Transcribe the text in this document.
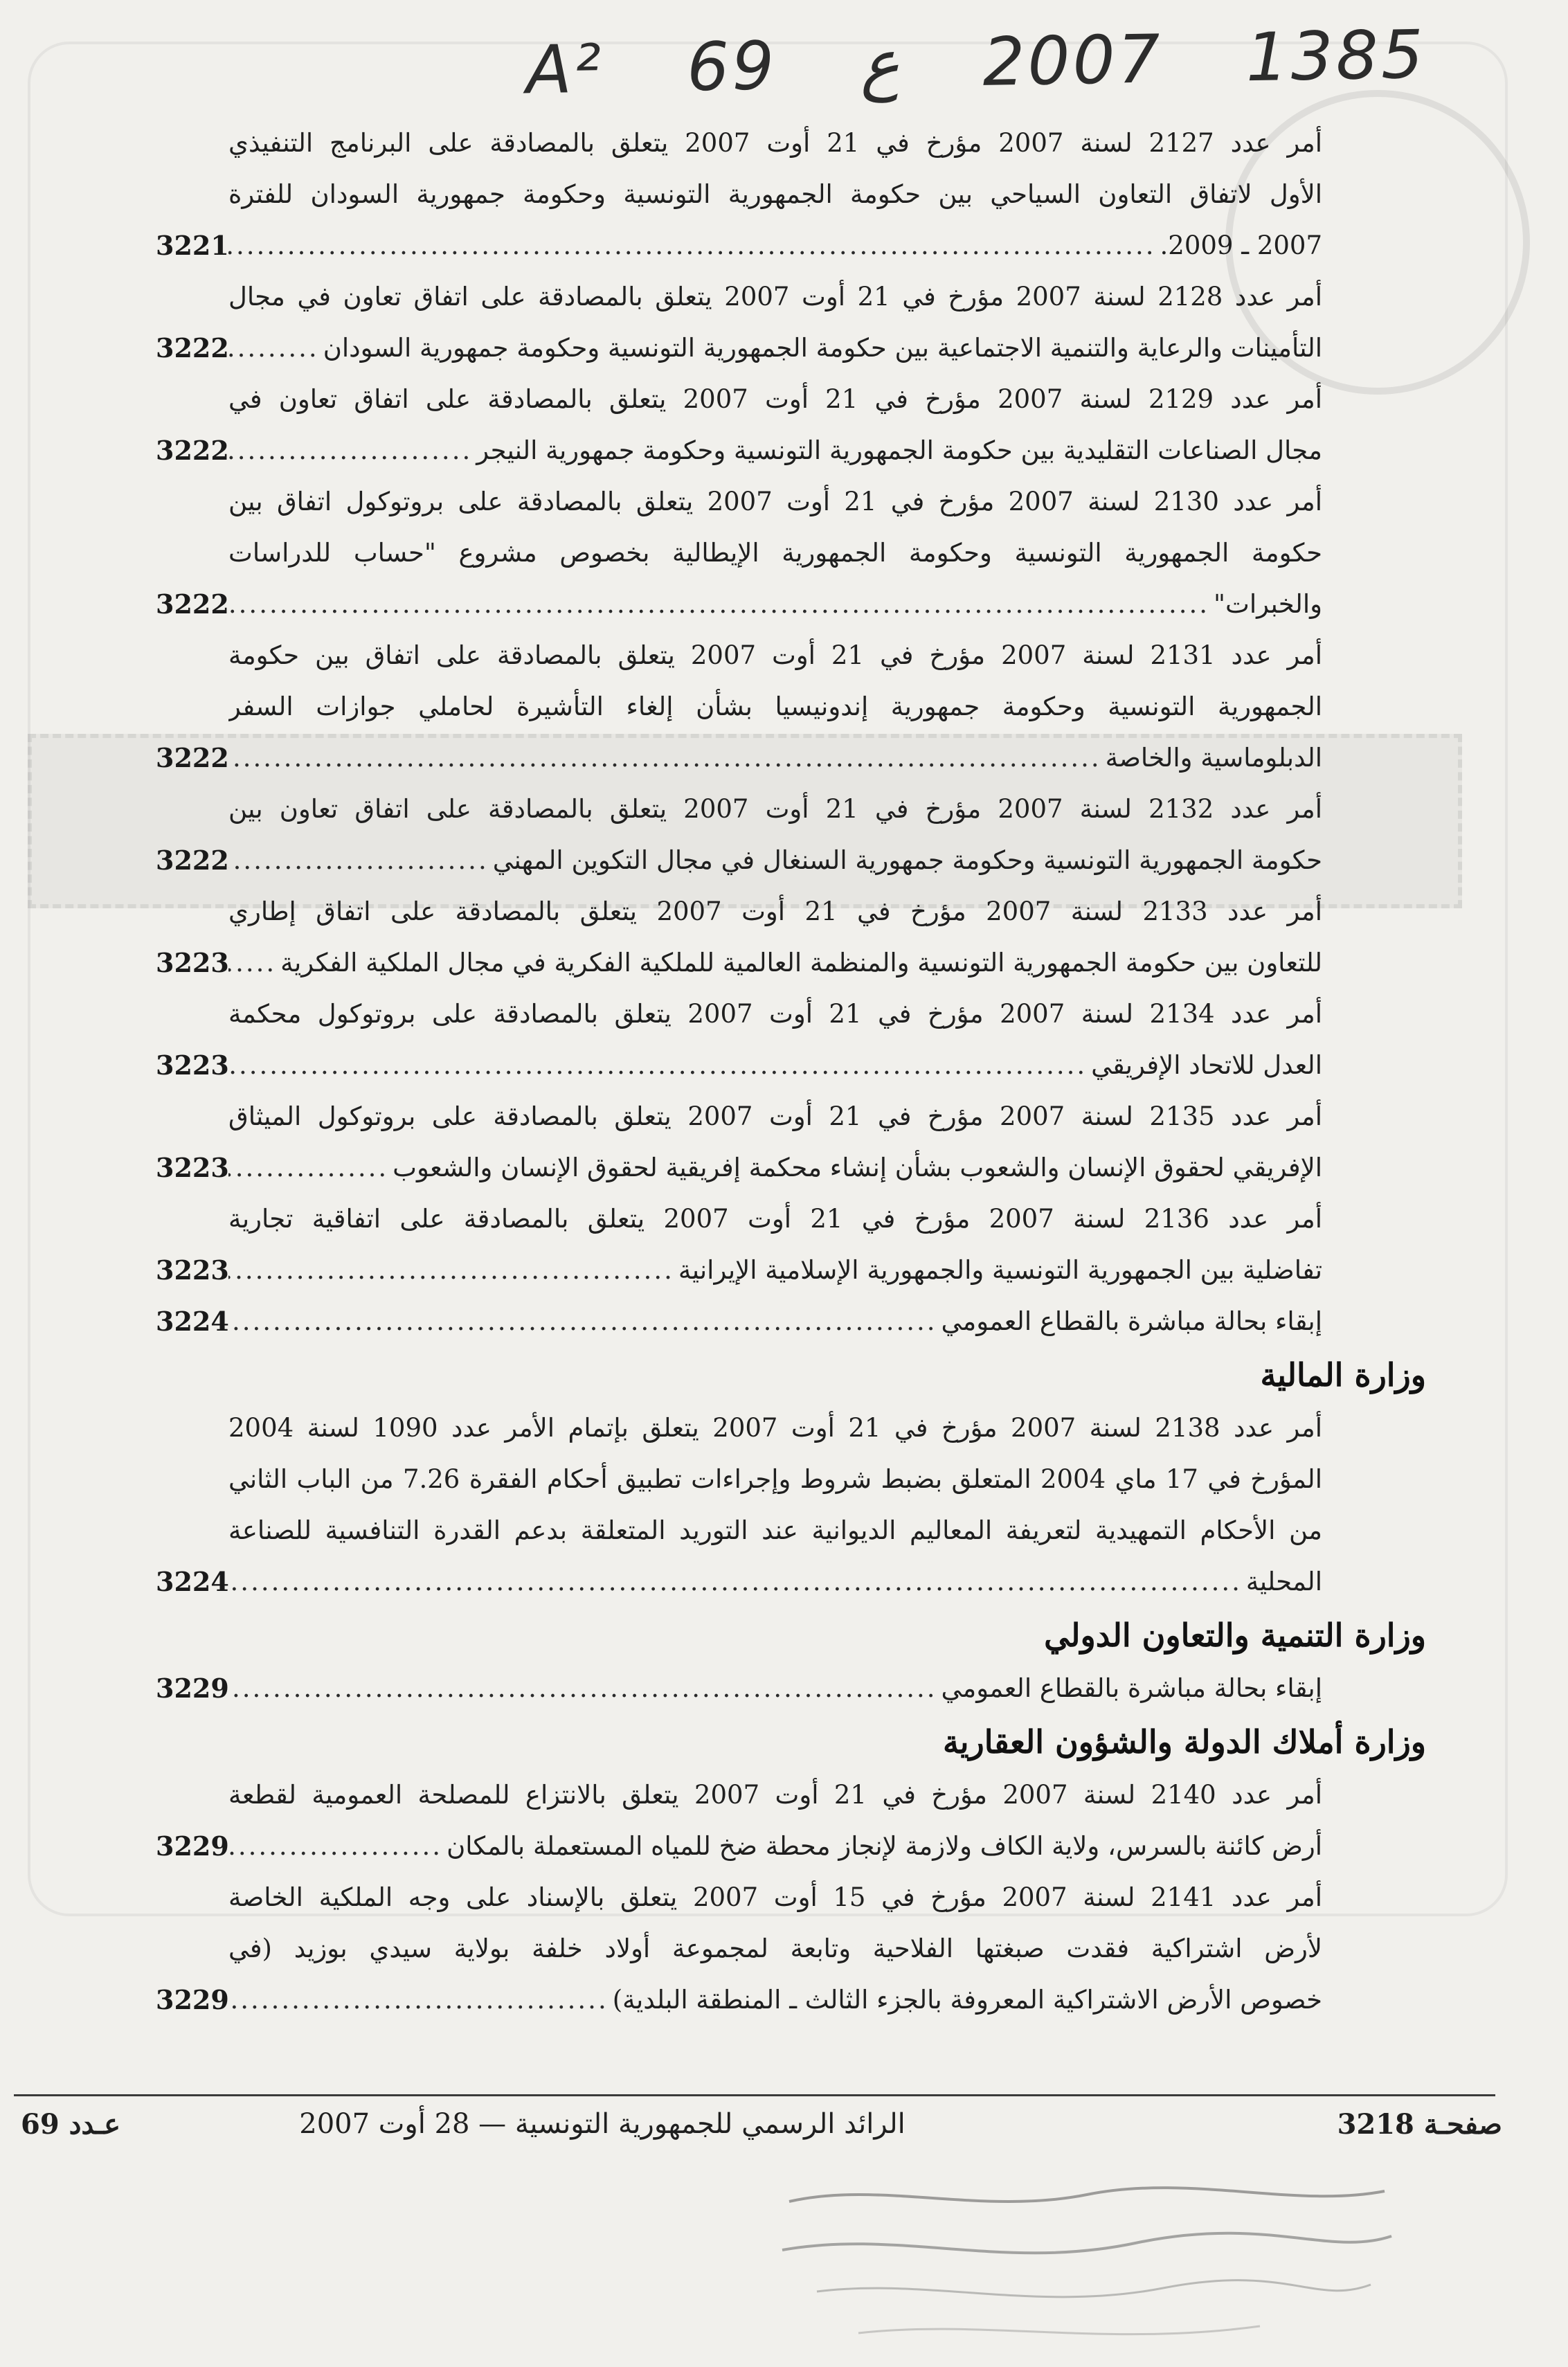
A² 69 ع 2007 1385
أمر عدد 2127 لسنة 2007 مؤرخ في 21 أوت 2007 يتعلق بالمصادقة على البرنامج التنفيذي
الأول لاتفاق التعاون السياحي بين حكومة الجمهورية التونسية وحكومة جمهورية السودان للفترة
2007 ـ 2009.
.....
3221
أمر عدد 2128 لسنة 2007 مؤرخ في 21 أوت 2007 يتعلق بالمصادقة على اتفاق تعاون في مجال
التأمينات والرعاية والتنمية الاجتماعية بين حكومة الجمهورية التونسية وحكومة جمهورية السودان
.....
3222
أمر عدد 2129 لسنة 2007 مؤرخ في 21 أوت 2007 يتعلق بالمصادقة على اتفاق تعاون في
مجال الصناعات التقليدية بين حكومة الجمهورية التونسية وحكومة جمهورية النيجر
.....
3222
أمر عدد 2130 لسنة 2007 مؤرخ في 21 أوت 2007 يتعلق بالمصادقة على بروتوكول اتفاق بين
حكومة الجمهورية التونسية وحكومة الجمهورية الإيطالية بخصوص مشروع "حساب للدراسات
والخبرات"
.....
3222
أمر عدد 2131 لسنة 2007 مؤرخ في 21 أوت 2007 يتعلق بالمصادقة على اتفاق بين حكومة
الجمهورية التونسية وحكومة جمهورية إندونيسيا بشأن إلغاء التأشيرة لحاملي جوازات السفر
الدبلوماسية والخاصة
.....
3222
أمر عدد 2132 لسنة 2007 مؤرخ في 21 أوت 2007 يتعلق بالمصادقة على اتفاق تعاون بين
حكومة الجمهورية التونسية وحكومة جمهورية السنغال في مجال التكوين المهني
.....
3222
أمر عدد 2133 لسنة 2007 مؤرخ في 21 أوت 2007 يتعلق بالمصادقة على اتفاق إطاري
للتعاون بين حكومة الجمهورية التونسية والمنظمة العالمية للملكية الفكرية في مجال الملكية الفكرية
.....
3223
أمر عدد 2134 لسنة 2007 مؤرخ في 21 أوت 2007 يتعلق بالمصادقة على بروتوكول محكمة
العدل للاتحاد الإفريقي
.....
3223
أمر عدد 2135 لسنة 2007 مؤرخ في 21 أوت 2007 يتعلق بالمصادقة على بروتوكول الميثاق
الإفريقي لحقوق الإنسان والشعوب بشأن إنشاء محكمة إفريقية لحقوق الإنسان والشعوب
.....
3223
أمر عدد 2136 لسنة 2007 مؤرخ في 21 أوت 2007 يتعلق بالمصادقة على اتفاقية تجارية
تفاضلية بين الجمهورية التونسية والجمهورية الإسلامية الإيرانية
.....
3223
إبقاء بحالة مباشرة بالقطاع العمومي
.....
3224
وزارة المالية
أمر عدد 2138 لسنة 2007 مؤرخ في 21 أوت 2007 يتعلق بإتمام الأمر عدد 1090 لسنة 2004
المؤرخ في 17 ماي 2004 المتعلق بضبط شروط وإجراءات تطبيق أحكام الفقرة 7.26 من الباب الثاني
من الأحكام التمهيدية لتعريفة المعاليم الديوانية عند التوريد المتعلقة بدعم القدرة التنافسية للصناعة
المحلية
.....
3224
وزارة التنمية والتعاون الدولي
إبقاء بحالة مباشرة بالقطاع العمومي
.....
3229
وزارة أملاك الدولة والشؤون العقارية
أمر عدد 2140 لسنة 2007 مؤرخ في 21 أوت 2007 يتعلق بالانتزاع للمصلحة العمومية لقطعة
أرض كائنة بالسرس، ولاية الكاف ولازمة لإنجاز محطة ضخ للمياه المستعملة بالمكان
.....
3229
أمر عدد 2141 لسنة 2007 مؤرخ في 15 أوت 2007 يتعلق بالإسناد على وجه الملكية الخاصة
لأرض اشتراكية فقدت صبغتها الفلاحية وتابعة لمجموعة أولاد خلفة بولاية سيدي بوزيد (في
خصوص الأرض الاشتراكية المعروفة بالجزء الثالث ـ المنطقة البلدية)
.....
3229
صفحـة 3218
الرائد الرسمي للجمهورية التونسية — 28 أوت 2007
عـدد 69
